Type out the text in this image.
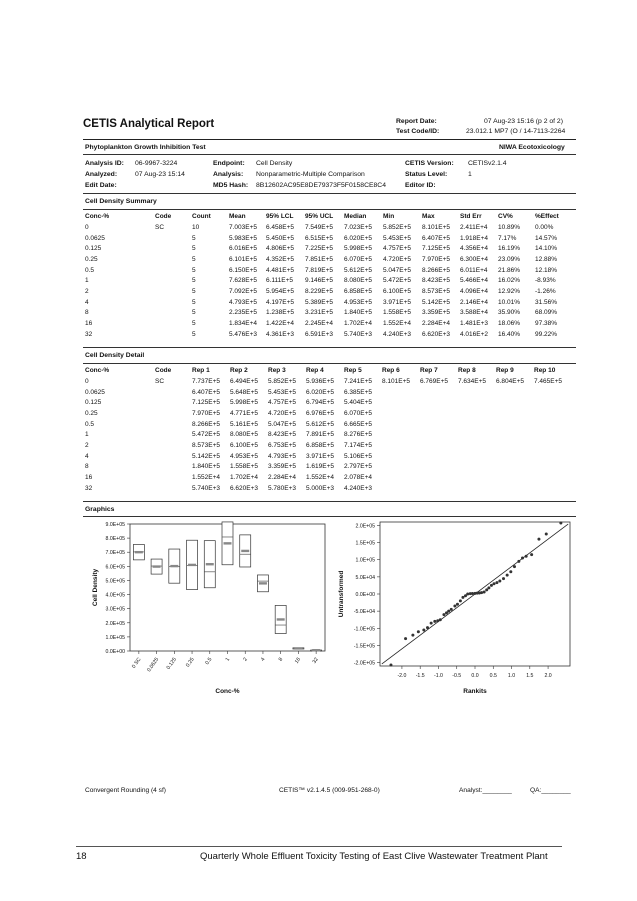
CETIS Analytical Report	Report Date:	07 Aug-23 15:16 (p 2 of 2)
Test Code/ID:	23.012.1 MP7 (O / 14-7113-2264
Phytoplankton Growth Inhibition Test	NIWA Ecotoxicology
Analysis ID: 06-9967-3224
Analyzed:	07 Aug-23 15:14
Edit Date:
Endpoint: Cell Density
Analysis: Nonparametric-Multiple Comparison
MD5 Hash: 8B12602AC95E8DE79373F5F0158CE8C4
CETIS Version: CETISv2.1.4
Status Level:	1
Editor ID:
Cell Density Summary
Conc-%	Code	Count	Mean	95% LCL	95% UCL	Median	Min	Max	Std Err	CV%	%Effect
0	SC	10	7.003E+5	6.458E+5	7.549E+5	7.023E+5	5.852E+5	8.101E+5	2.411E+4	10.89%	0.00%
0.0625		5	5.983E+5	5.450E+5	6.515E+5	6.020E+5	5.453E+5	6.407E+5	1.918E+4	7.17%	14.57%
0.125		5	6.016E+5	4.806E+5	7.225E+5	5.998E+5	4.757E+5	7.125E+5	4.356E+4	16.19%	14.10%
0.25		5	6.101E+5	4.352E+5	7.851E+5	6.070E+5	4.720E+5	7.970E+5	6.300E+4	23.09%	12.88%
0.5		5	6.150E+5	4.481E+5	7.819E+5	5.612E+5	5.047E+5	8.266E+5	6.011E+4	21.86%	12.18%
1		5	7.628E+5	6.111E+5	9.146E+5	8.080E+5	5.472E+5	8.423E+5	5.466E+4	16.02%	-8.93%
2		5	7.092E+5	5.954E+5	8.229E+5	6.858E+5	6.100E+5	8.573E+5	4.096E+4	12.92%	-1.26%
4		5	4.793E+5	4.197E+5	5.389E+5	4.953E+5	3.971E+5	5.142E+5	2.146E+4	10.01%	31.56%
8		5	2.235E+5	1.238E+5	3.231E+5	1.840E+5	1.558E+5	3.359E+5	3.588E+4	35.90%	68.09%
16		5	1.834E+4	1.422E+4	2.245E+4	1.702E+4	1.552E+4	2.284E+4	1.481E+3	18.06%	97.38%
32		5	5.476E+3	4.361E+3	6.591E+3	5.740E+3	4.240E+3	6.620E+3	4.016E+2	16.40%	99.22%
Cell Density Detail
Conc-%	Code	Rep 1	Rep 2	Rep 3	Rep 4	Rep 5	Rep 6	Rep 7	Rep 8	Rep 9	Rep 10
0	SC	7.737E+5	6.494E+5	5.852E+5	5.936E+5	7.241E+5	8.101E+5	6.769E+5	7.634E+5	6.804E+5	7.465E+5
0.0625		6.407E+5	5.648E+5	5.453E+5	6.020E+5	6.385E+5					
0.125		7.125E+5	5.998E+5	4.757E+5	6.794E+5	5.404E+5					
0.25		7.970E+5	4.771E+5	4.720E+5	6.976E+5	6.070E+5					
0.5		8.266E+5	5.161E+5	5.047E+5	5.612E+5	6.665E+5					
1		5.472E+5	8.080E+5	8.423E+5	7.891E+5	8.276E+5					
2		8.573E+5	6.100E+5	6.753E+5	6.858E+5	7.174E+5					
4		5.142E+5	4.953E+5	4.793E+5	3.971E+5	5.106E+5					
8		1.840E+5	1.558E+5	3.359E+5	1.619E+5	2.797E+5					
16		1.552E+4	1.702E+4	2.284E+4	1.552E+4	2.078E+4					
32		5.740E+3	6.620E+3	5.780E+3	5.000E+3	4.240E+3					
Graphics
0.0E+00
1.0E+05
2.0E+05
3.0E+05
4.0E+05
5.0E+05
6.0E+05
7.0E+05
8.0E+05
9.0E+05
0 SC 0.0625 0.125 0.25 0.5 1 2 4 8 16 32
Cell Density
Conc-%
-2.0E+05
-1.5E+05
-1.0E+05
-5.0E+04
0.0E+00
5.0E+04
1.0E+05
1.5E+05
2.0E+05
-2.0 -1.5 -1.0 -0.5 0.0 0.5 1.0 1.5 2.0
Untransformed
Rankits
Convergent Rounding (4 sf)	CETIS™ v2.1.4.5 (009-951-268-0)	Analyst:________	QA:________
18	Quarterly Whole Effluent Toxicity Testing of East Clive Wastewater Treatment Plant
